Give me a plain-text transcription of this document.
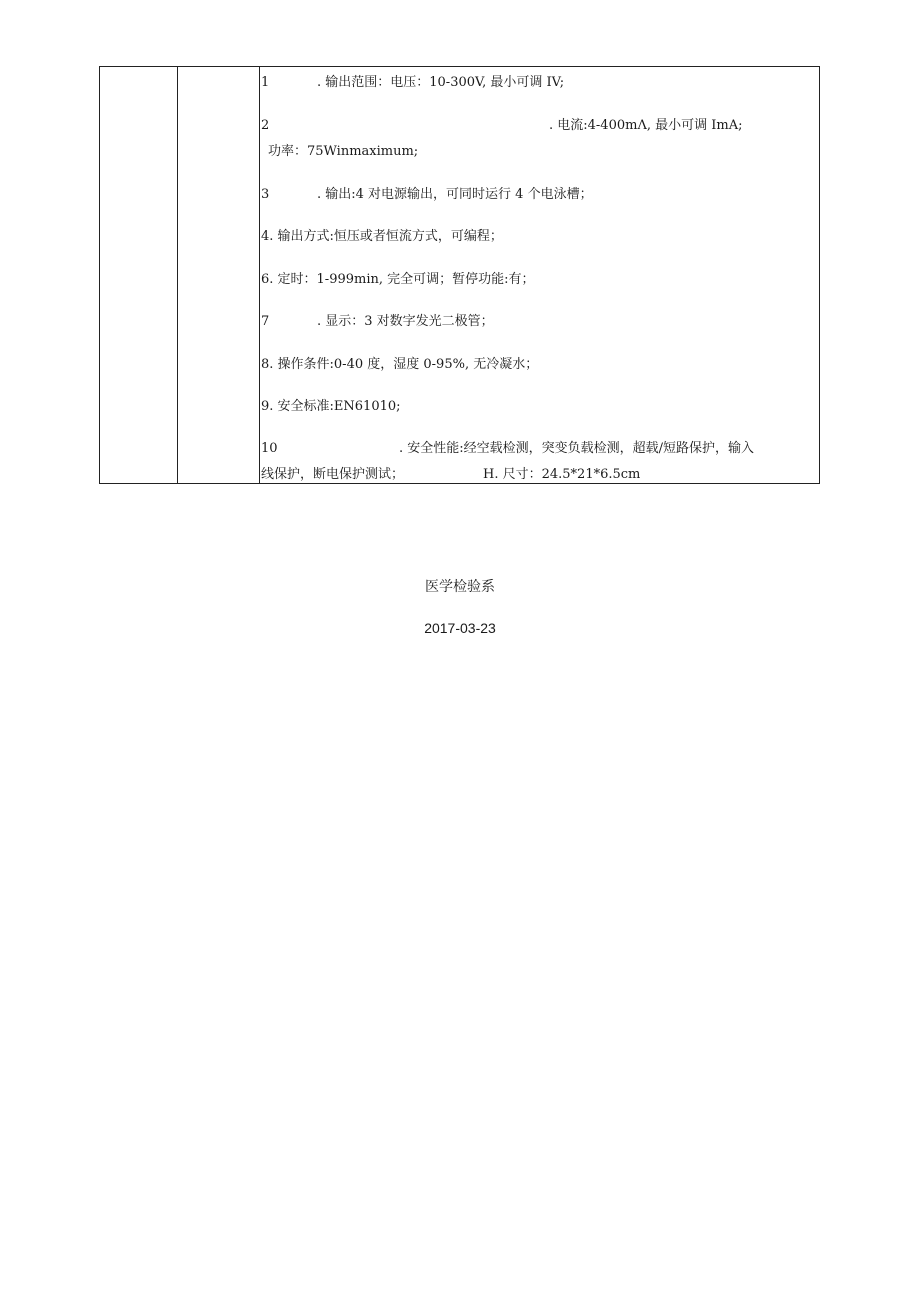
1	. 输出范围：电压：10-300V, 最小可调 IV;
2	. 电流:4-400mΛ, 最小可调 ImA;
功率：75Winmaximum;
3	. 输出:4 对电源输出，可同时运行 4 个电泳槽；
4. 输出方式:恒压或者恒流方式，可编程；
6. 定时：1-999min, 完全可调；暂停功能:有；
7	. 显示：3 对数字发光二极管；
8. 操作条件:0-40 度，湿度 0-95%, 无冷凝水；
9. 安全标准:EN61010;
10	. 安全性能:经空载检测，突变负载检测，超载/短路保护，输入
线保护，断电保护测试；	H. 尺寸：24.5*21*6.5cm
医学检验系
2017-03-23
